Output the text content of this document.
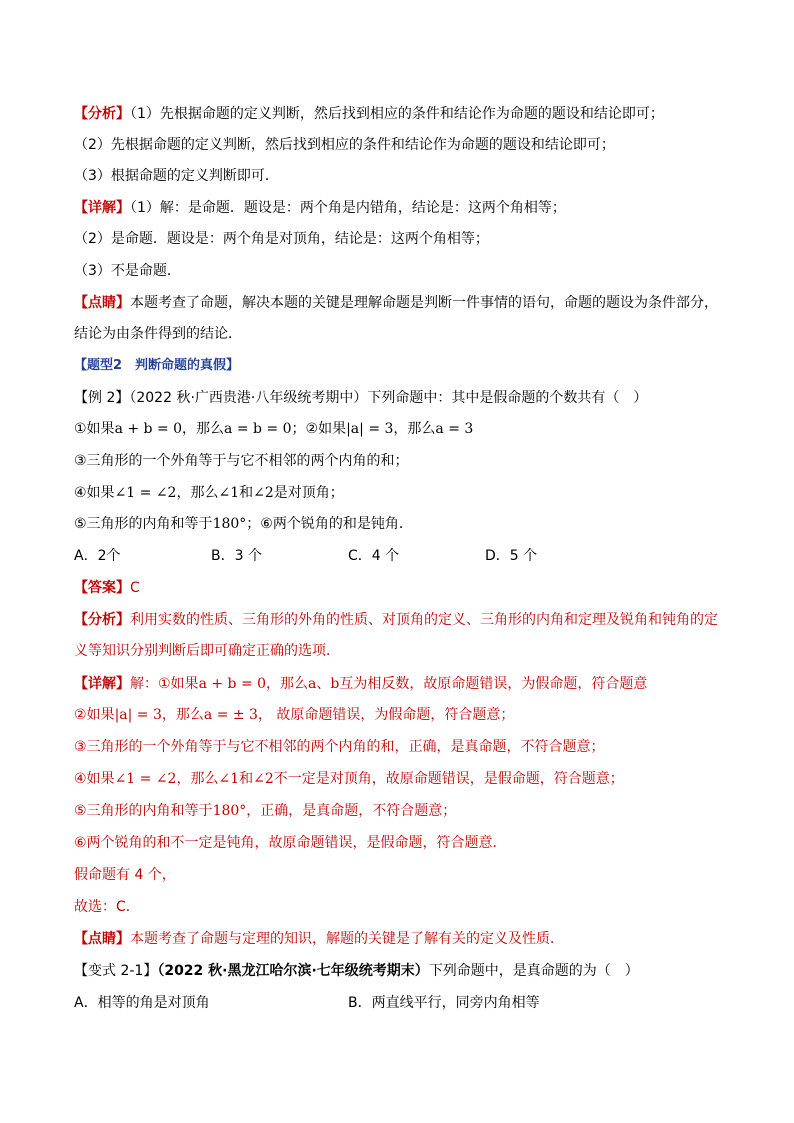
【分析】（1）先根据命题的定义判断，然后找到相应的条件和结论作为命题的题设和结论即可；
（2）先根据命题的定义判断，然后找到相应的条件和结论作为命题的题设和结论即可；
（3）根据命题的定义判断即可．
【详解】（1）解：是命题．题设是：两个角是内错角，结论是：这两个角相等；
（2）是命题．题设是：两个角是对顶角，结论是：这两个角相等；
（3）不是命题．
【点睛】本题考查了命题，解决本题的关键是理解命题是判断一件事情的语句，命题的题设为条件部分，
结论为由条件得到的结论．
【题型2　判断命题的真假】
【例 2】（2022 秋·广西贵港·八年级统考期中）下列命题中：其中是假命题的个数共有（　）
①如果a + b = 0，那么a = b = 0；②如果|a| = 3，那么a = 3
③三角形的一个外角等于与它不相邻的两个内角的和；
④如果∠1 = ∠2，那么∠1和∠2是对顶角；
⑤三角形的内角和等于180°；⑥两个锐角的和是钝角．
A．2个	B．3 个	C．4 个	D．5 个
【答案】C
【分析】利用实数的性质、三角形的外角的性质、对顶角的定义、三角形的内角和定理及锐角和钝角的定
义等知识分别判断后即可确定正确的选项．
【详解】解：①如果a + b = 0，那么a、b互为相反数，故原命题错误，为假命题，符合题意
②如果|a| = 3，那么a = ± 3， 故原命题错误，为假命题，符合题意；
③三角形的一个外角等于与它不相邻的两个内角的和，正确，是真命题，不符合题意；
④如果∠1 = ∠2，那么∠1和∠2不一定是对顶角，故原命题错误，是假命题，符合题意；
⑤三角形的内角和等于180°，正确，是真命题，不符合题意；
⑥两个锐角的和不一定是钝角，故原命题错误，是假命题，符合题意．
假命题有 4 个，
故选：C．
【点睛】本题考查了命题与定理的知识，解题的关键是了解有关的定义及性质．
【变式 2-1】（2022 秋·黑龙江哈尔滨·七年级统考期末）下列命题中，是真命题的为（　）
A．相等的角是对顶角	B．两直线平行，同旁内角相等
